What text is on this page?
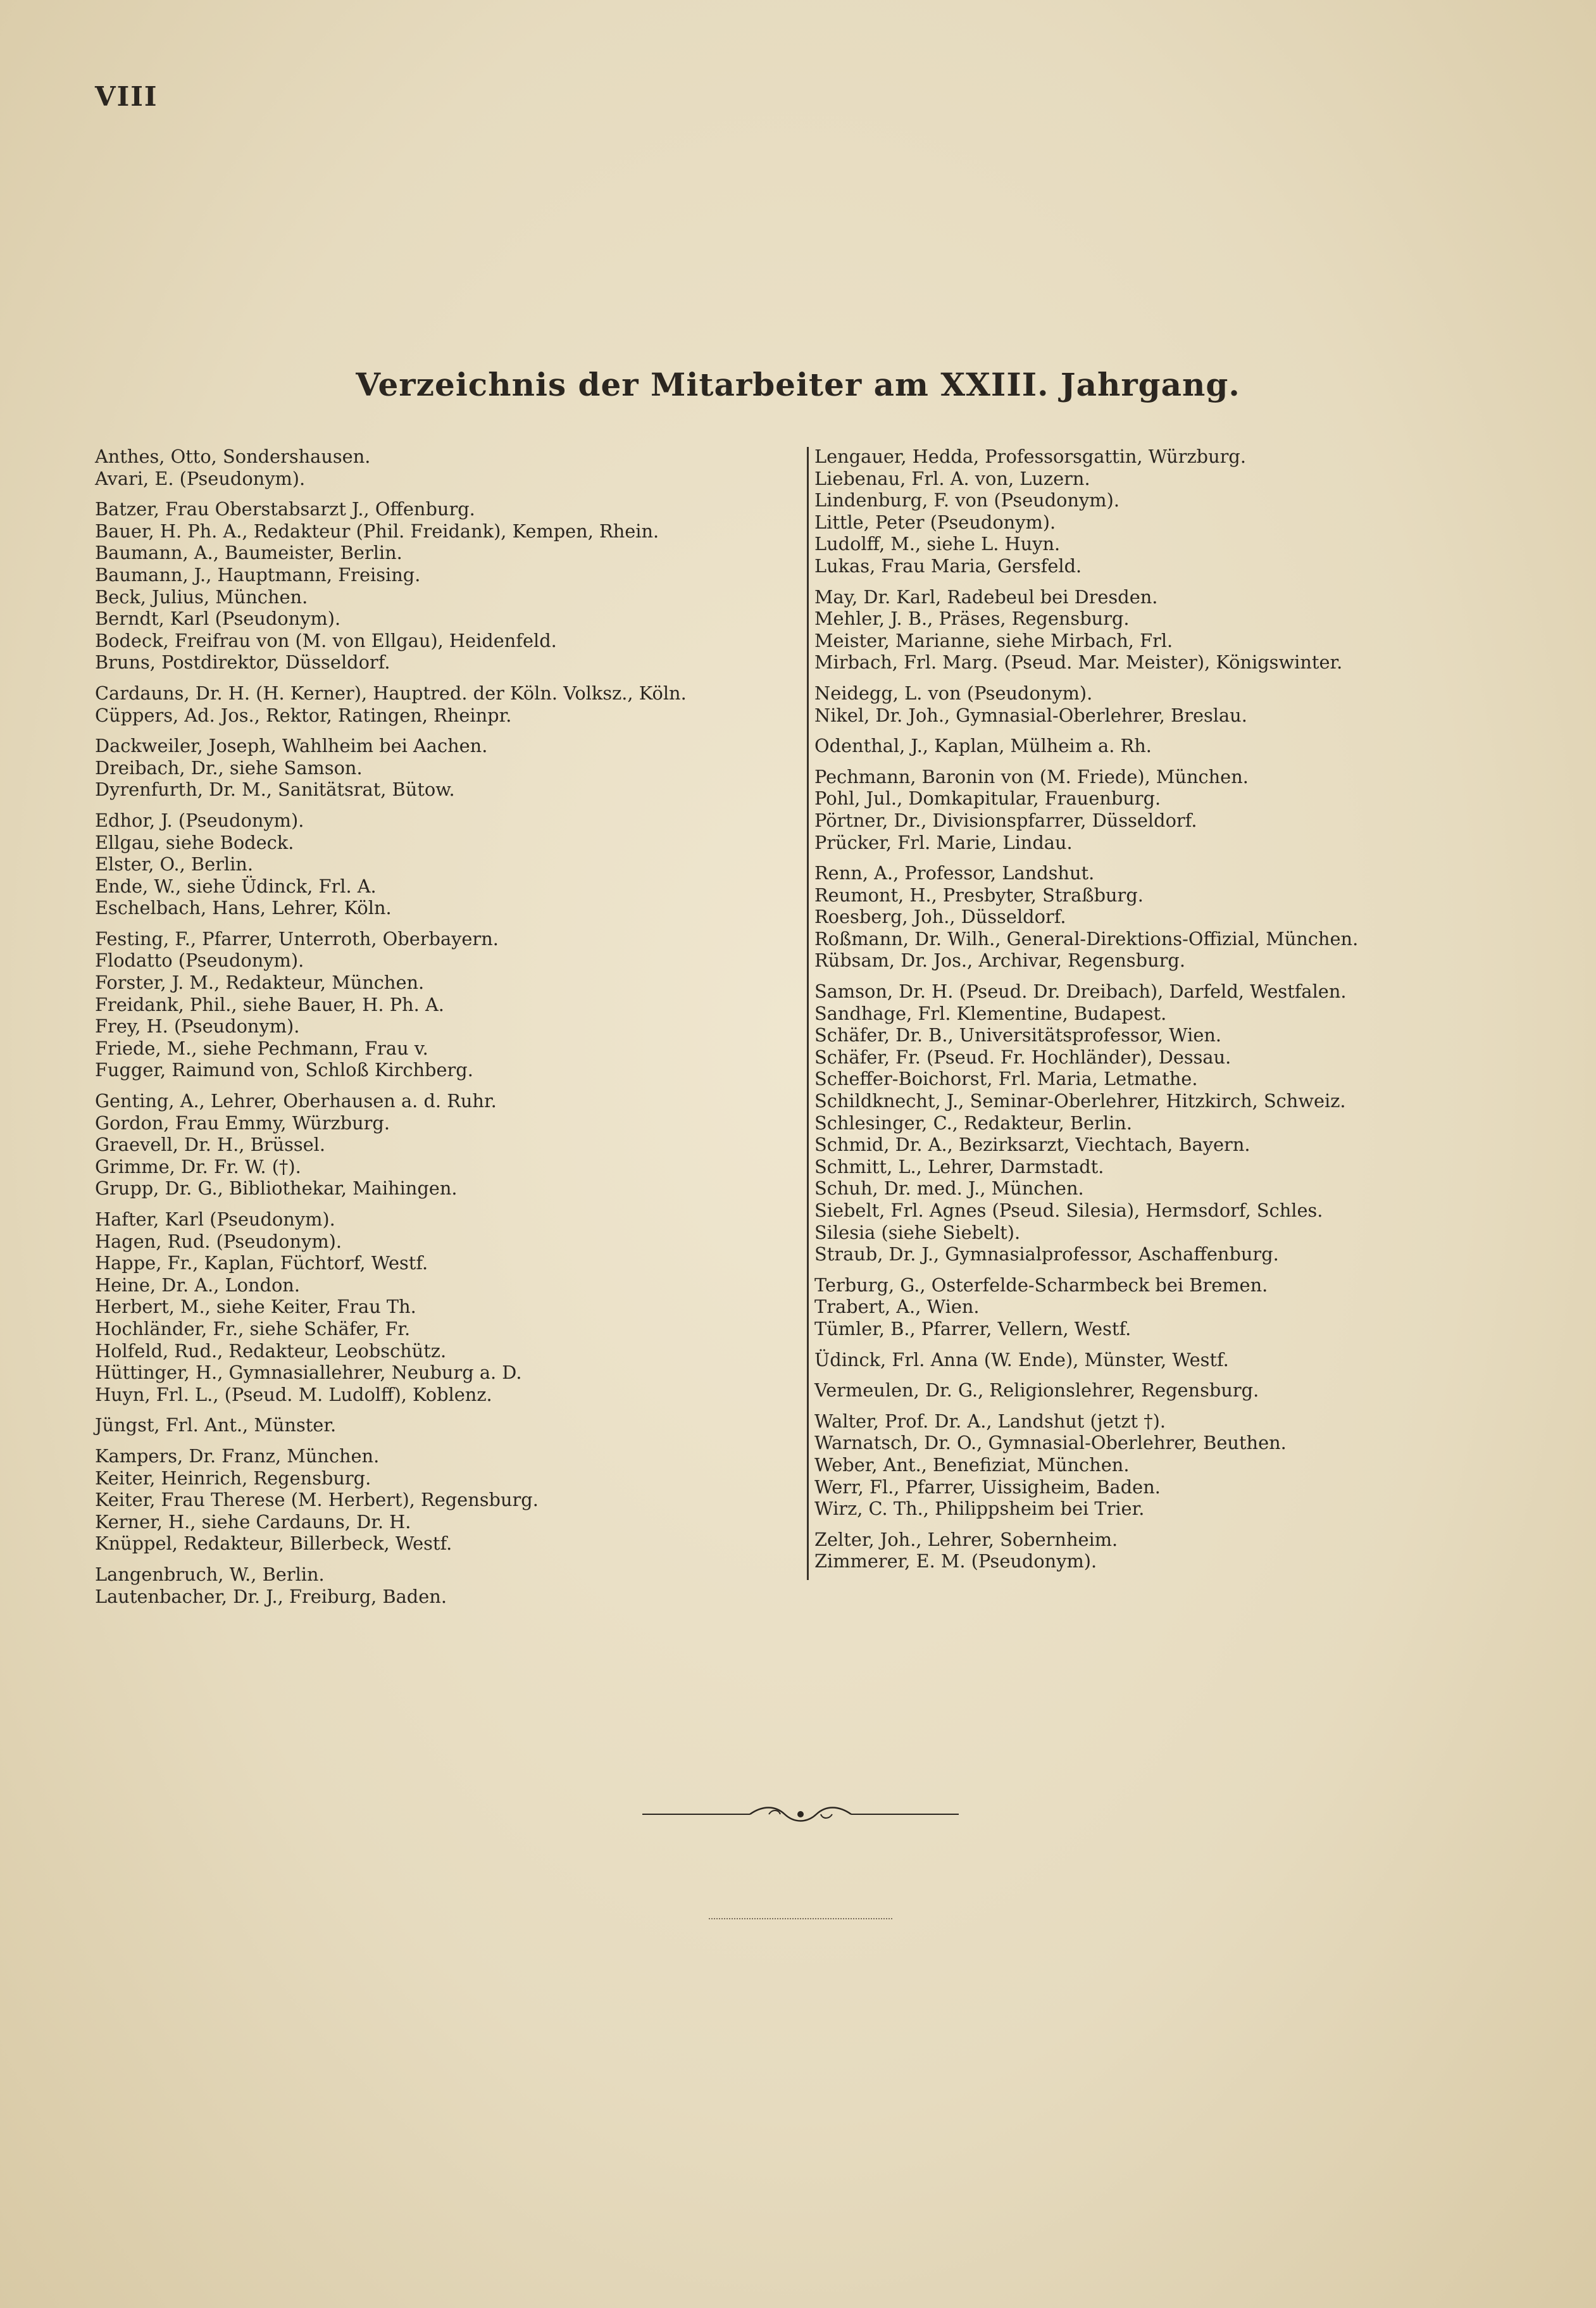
VIII
Verzeichnis der Mitarbeiter am XXIII. Jahrgang.
Anthes, Otto, Sondershausen.
Avari, E. (Pseudonym).
Batzer, Frau Oberstabsarzt J., Offenburg.
Bauer, H. Ph. A., Redakteur (Phil. Freidank), Kempen, Rhein.
Baumann, A., Baumeister, Berlin.
Baumann, J., Hauptmann, Freising.
Beck, Julius, München.
Berndt, Karl (Pseudonym).
Bodeck, Freifrau von (M. von Ellgau), Heidenfeld.
Bruns, Postdirektor, Düsseldorf.
Cardauns, Dr. H. (H. Kerner), Hauptred. der Köln. Volksz., Köln.
Cüppers, Ad. Jos., Rektor, Ratingen, Rheinpr.
Dackweiler, Joseph, Wahlheim bei Aachen.
Dreibach, Dr., siehe Samson.
Dyrenfurth, Dr. M., Sanitätsrat, Bütow.
Edhor, J. (Pseudonym).
Ellgau, siehe Bodeck.
Elster, O., Berlin.
Ende, W., siehe Üdinck, Frl. A.
Eschelbach, Hans, Lehrer, Köln.
Festing, F., Pfarrer, Unterroth, Oberbayern.
Flodatto (Pseudonym).
Forster, J. M., Redakteur, München.
Freidank, Phil., siehe Bauer, H. Ph. A.
Frey, H. (Pseudonym).
Friede, M., siehe Pechmann, Frau v.
Fugger, Raimund von, Schloß Kirchberg.
Genting, A., Lehrer, Oberhausen a. d. Ruhr.
Gordon, Frau Emmy, Würzburg.
Graevell, Dr. H., Brüssel.
Grimme, Dr. Fr. W. (†).
Grupp, Dr. G., Bibliothekar, Maihingen.
Hafter, Karl (Pseudonym).
Hagen, Rud. (Pseudonym).
Happe, Fr., Kaplan, Füchtorf, Westf.
Heine, Dr. A., London.
Herbert, M., siehe Keiter, Frau Th.
Hochländer, Fr., siehe Schäfer, Fr.
Holfeld, Rud., Redakteur, Leobschütz.
Hüttinger, H., Gymnasiallehrer, Neuburg a. D.
Huyn, Frl. L., (Pseud. M. Ludolff), Koblenz.
Jüngst, Frl. Ant., Münster.
Kampers, Dr. Franz, München.
Keiter, Heinrich, Regensburg.
Keiter, Frau Therese (M. Herbert), Regensburg.
Kerner, H., siehe Cardauns, Dr. H.
Knüppel, Redakteur, Billerbeck, Westf.
Langenbruch, W., Berlin.
Lautenbacher, Dr. J., Freiburg, Baden.
Lengauer, Hedda, Professorsgattin, Würzburg.
Liebenau, Frl. A. von, Luzern.
Lindenburg, F. von (Pseudonym).
Little, Peter (Pseudonym).
Ludolff, M., siehe L. Huyn.
Lukas, Frau Maria, Gersfeld.
May, Dr. Karl, Radebeul bei Dresden.
Mehler, J. B., Präses, Regensburg.
Meister, Marianne, siehe Mirbach, Frl.
Mirbach, Frl. Marg. (Pseud. Mar. Meister), Königswinter.
Neidegg, L. von (Pseudonym).
Nikel, Dr. Joh., Gymnasial-Oberlehrer, Breslau.
Odenthal, J., Kaplan, Mülheim a. Rh.
Pechmann, Baronin von (M. Friede), München.
Pohl, Jul., Domkapitular, Frauenburg.
Pörtner, Dr., Divisionspfarrer, Düsseldorf.
Prücker, Frl. Marie, Lindau.
Renn, A., Professor, Landshut.
Reumont, H., Presbyter, Straßburg.
Roesberg, Joh., Düsseldorf.
Roßmann, Dr. Wilh., General-Direktions-Offizial, München.
Rübsam, Dr. Jos., Archivar, Regensburg.
Samson, Dr. H. (Pseud. Dr. Dreibach), Darfeld, Westfalen.
Sandhage, Frl. Klementine, Budapest.
Schäfer, Dr. B., Universitätsprofessor, Wien.
Schäfer, Fr. (Pseud. Fr. Hochländer), Dessau.
Scheffer-Boichorst, Frl. Maria, Letmathe.
Schildknecht, J., Seminar-Oberlehrer, Hitzkirch, Schweiz.
Schlesinger, C., Redakteur, Berlin.
Schmid, Dr. A., Bezirksarzt, Viechtach, Bayern.
Schmitt, L., Lehrer, Darmstadt.
Schuh, Dr. med. J., München.
Siebelt, Frl. Agnes (Pseud. Silesia), Hermsdorf, Schles.
Silesia (siehe Siebelt).
Straub, Dr. J., Gymnasialprofessor, Aschaffenburg.
Terburg, G., Osterfelde-Scharmbeck bei Bremen.
Trabert, A., Wien.
Tümler, B., Pfarrer, Vellern, Westf.
Üdinck, Frl. Anna (W. Ende), Münster, Westf.
Vermeulen, Dr. G., Religionslehrer, Regensburg.
Walter, Prof. Dr. A., Landshut (jetzt †).
Warnatsch, Dr. O., Gymnasial-Oberlehrer, Beuthen.
Weber, Ant., Benefiziat, München.
Werr, Fl., Pfarrer, Uissigheim, Baden.
Wirz, C. Th., Philippsheim bei Trier.
Zelter, Joh., Lehrer, Sobernheim.
Zimmerer, E. M. (Pseudonym).
